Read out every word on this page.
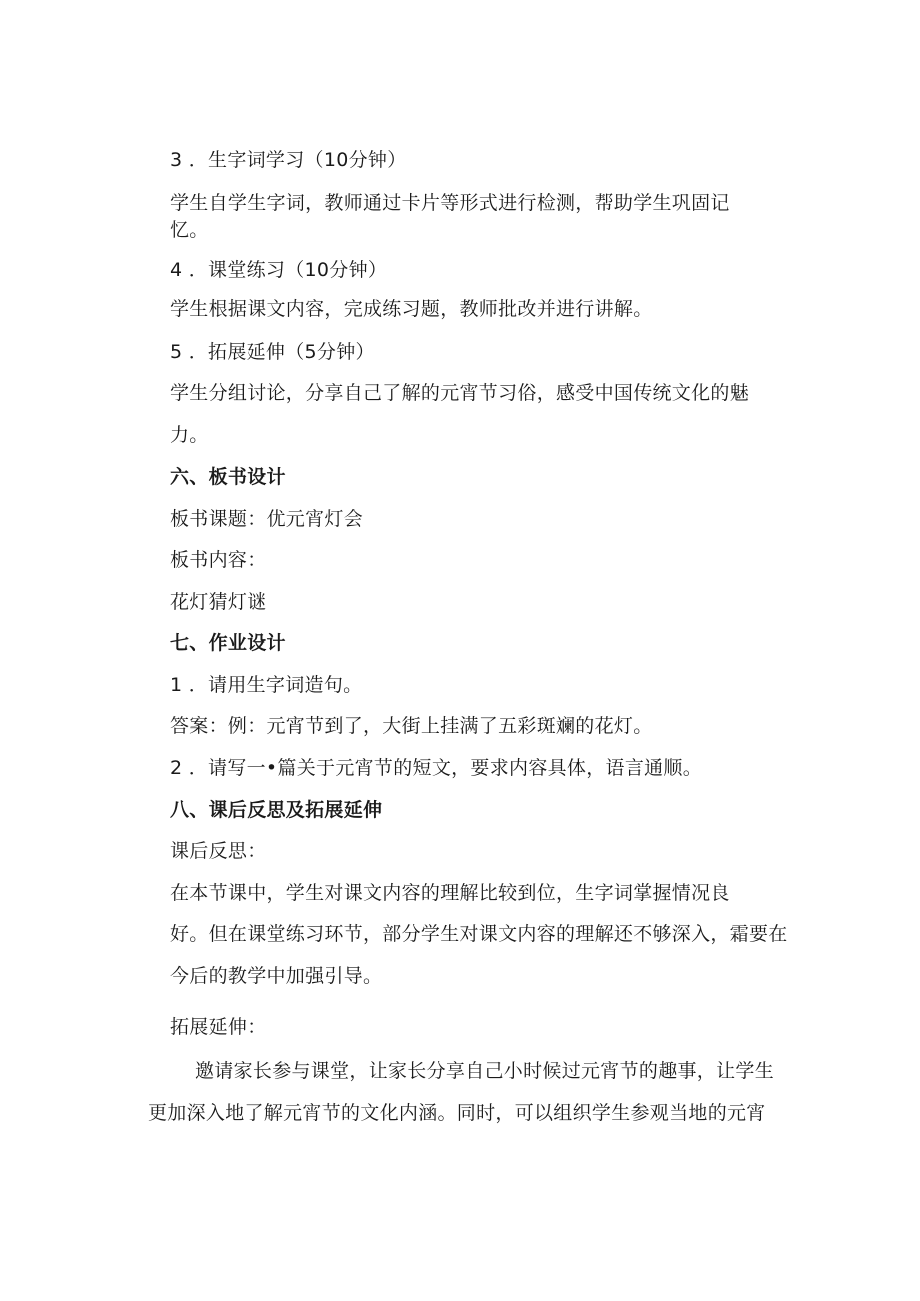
3 ．生字词学习（10分钟）
学生自学生字词，教师通过卡片等形式进行检测，帮助学生巩固记
忆。
4 ．课堂练习（10分钟）
学生根据课文内容，完成练习题，教师批改并进行讲解。
5 ．拓展延伸（5分钟）
学生分组讨论，分享自己了解的元宵节习俗，感受中国传统文化的魅
力。
六、板书设计
板书课题：优元宵灯会
板书内容：
花灯猜灯谜
七、作业设计
1 ．请用生字词造句。
答案：例：元宵节到了，大街上挂满了五彩斑斓的花灯。
2 ．请写一•篇关于元宵节的短文，要求内容具体，语言通顺。
八、课后反思及拓展延伸
课后反思：
在本节课中，学生对课文内容的理解比较到位，生字词掌握情况良
好。但在课堂练习环节，部分学生对课文内容的理解还不够深入，霜要在
今后的教学中加强引导。
拓展延伸：
邀请家长参与课堂，让家长分享自己小时候过元宵节的趣事，让学生
更加深入地了解元宵节的文化内涵。同时，可以组织学生参观当地的元宵
